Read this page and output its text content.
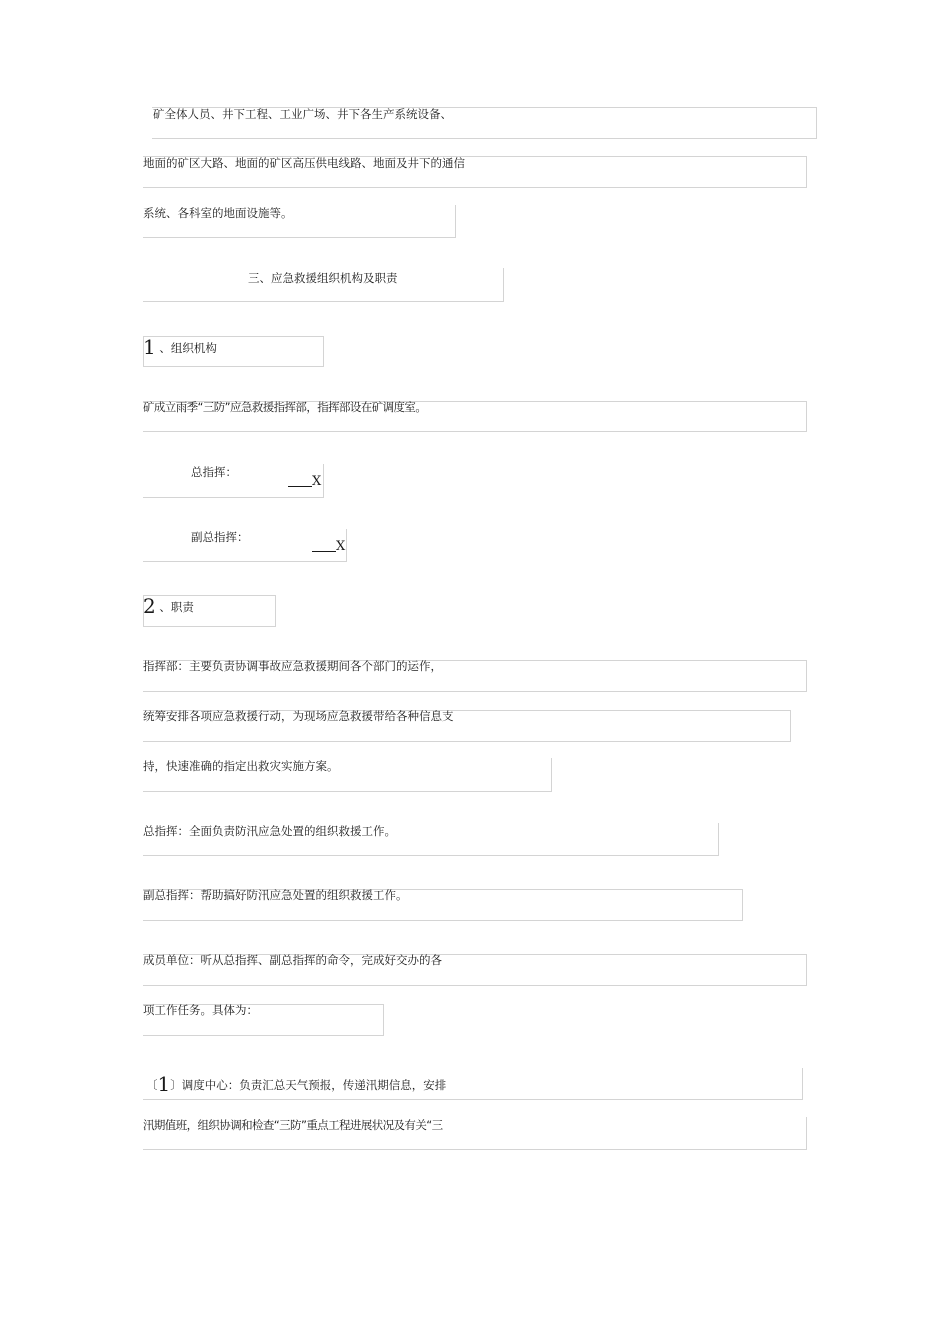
矿全体人员、井下工程、工业广场、井下各生产系统设备、
地面的矿区大路、地面的矿区高压供电线路、地面及井下的通信
系统、各科室的地面设施等。
三、应急救援组织机构及职责
1 、组织机构
矿成立雨季“三防”应急救援指挥部，指挥部设在矿调度室。
总指挥：
X
副总指挥：
X
2 、职责
指挥部：主要负责协调事故应急救援期间各个部门的运作，
统筹安排各项应急救援行动，为现场应急救援带给各种信息支
持，快速准确的指定出救灾实施方案。
总指挥：全面负责防汛应急处置的组织救援工作。
副总指挥：帮助搞好防汛应急处置的组织救援工作。
成员单位：听从总指挥、副总指挥的命令，完成好交办的各
项工作任务。具体为：
〔1〕调度中心：负责汇总天气预报，传递汛期信息，安排
汛期值班，组织协调和检查“三防”重点工程进展状况及有关“三
